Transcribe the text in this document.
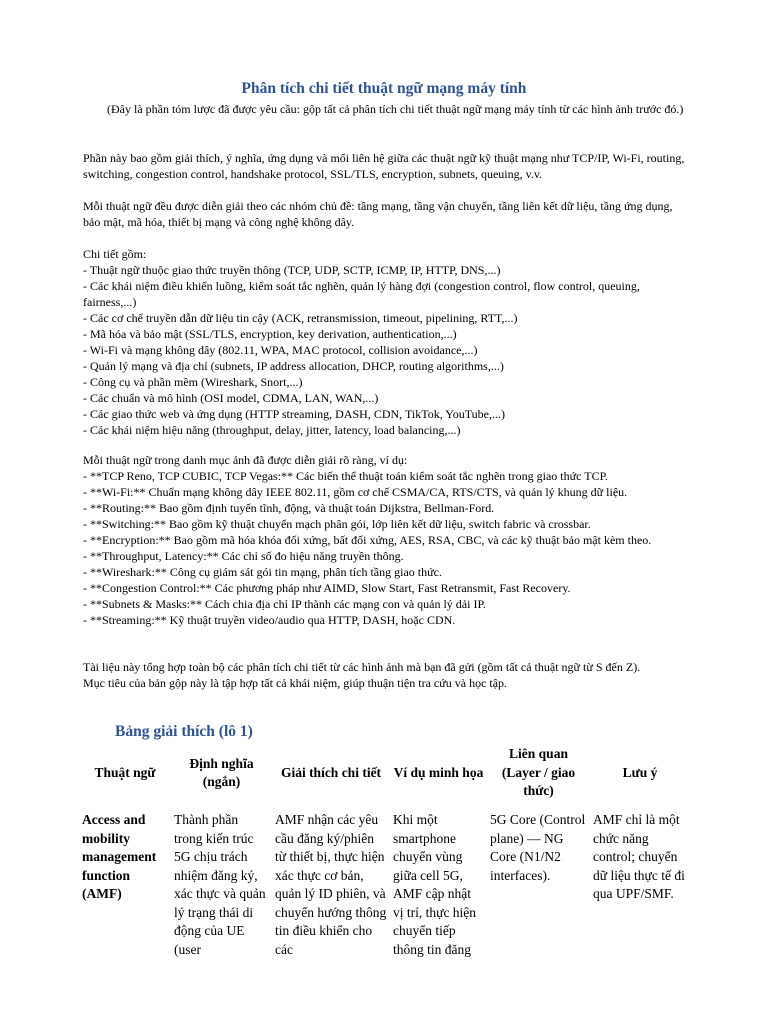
Phân tích chi tiết thuật ngữ mạng máy tính

(Đây là phần tóm lược đã được yêu cầu: gộp tất cả phân tích chi tiết thuật ngữ mạng máy tính từ các hình ảnh trước đó.)

Phần này bao gồm giải thích, ý nghĩa, ứng dụng và mối liên hệ giữa các thuật ngữ kỹ thuật mạng như TCP/IP, Wi-Fi, routing, switching, congestion control, handshake protocol, SSL/TLS, encryption, subnets, queuing, v.v.

Mỗi thuật ngữ đều được diễn giải theo các nhóm chủ đề: tầng mạng, tầng vận chuyển, tầng liên kết dữ liệu, tầng ứng dụng, bảo mật, mã hóa, thiết bị mạng và công nghệ không dây.

Chi tiết gồm:

- Thuật ngữ thuộc giao thức truyền thông (TCP, UDP, SCTP, ICMP, IP, HTTP, DNS,...)

- Các khái niệm điều khiển luồng, kiểm soát tắc nghẽn, quản lý hàng đợi (congestion control, flow control, queuing, fairness,...)

- Các cơ chế truyền dẫn dữ liệu tin cậy (ACK, retransmission, timeout, pipelining, RTT,...)

- Mã hóa và bảo mật (SSL/TLS, encryption, key derivation, authentication,...)

- Wi-Fi và mạng không dây (802.11, WPA, MAC protocol, collision avoidance,...)

- Quản lý mạng và địa chỉ (subnets, IP address allocation, DHCP, routing algorithms,...)

- Công cụ và phần mềm (Wireshark, Snort,...)

- Các chuẩn và mô hình (OSI model, CDMA, LAN, WAN,...)

- Các giao thức web và ứng dụng (HTTP streaming, DASH, CDN, TikTok, YouTube,...)

- Các khái niệm hiệu năng (throughput, delay, jitter, latency, load balancing,...)

Mỗi thuật ngữ trong danh mục ảnh đã được diễn giải rõ ràng, ví dụ:

- **TCP Reno, TCP CUBIC, TCP Vegas:** Các biến thể thuật toán kiểm soát tắc nghẽn trong giao thức TCP.

- **Wi-Fi:** Chuẩn mạng không dây IEEE 802.11, gồm cơ chế CSMA/CA, RTS/CTS, và quản lý khung dữ liệu.

- **Routing:** Bao gồm định tuyến tĩnh, động, và thuật toán Dijkstra, Bellman-Ford.

- **Switching:** Bao gồm kỹ thuật chuyển mạch phân gói, lớp liên kết dữ liệu, switch fabric và crossbar.

- **Encryption:** Bao gồm mã hóa khóa đối xứng, bất đối xứng, AES, RSA, CBC, và các kỹ thuật bảo mật kèm theo.

- **Throughput, Latency:** Các chỉ số đo hiệu năng truyền thông.

- **Wireshark:** Công cụ giám sát gói tin mạng, phân tích tầng giao thức.

- **Congestion Control:** Các phương pháp như AIMD, Slow Start, Fast Retransmit, Fast Recovery.

- **Subnets & Masks:** Cách chia địa chỉ IP thành các mạng con và quản lý dải IP.

- **Streaming:** Kỹ thuật truyền video/audio qua HTTP, DASH, hoặc CDN.

Tài liệu này tổng hợp toàn bộ các phân tích chi tiết từ các hình ảnh mà bạn đã gửi (gồm tất cả thuật ngữ từ S đến Z).

Mục tiêu của bản gộp này là tập hợp tất cả khái niệm, giúp thuận tiện tra cứu và học tập.

Bảng giải thích (lô 1)
Thuật ngữ	Định nghĩa (ngắn)	Giải thích chi tiết	Ví dụ minh họa	Liên quan (Layer / giao thức)	Lưu ý
Access and mobility management function (AMF)	Thành phần trong kiến trúc 5G chịu trách nhiệm đăng ký, xác thực và quản lý trạng thái di động của UE (user	AMF nhận các yêu cầu đăng ký/phiên từ thiết bị, thực hiện xác thực cơ bản, quản lý ID phiên, và chuyển hướng thông tin điều khiển cho các	Khi một smartphone chuyển vùng giữa cell 5G, AMF cập nhật vị trí, thực hiện chuyển tiếp thông tin đăng	5G Core (Control plane) — NG Core (N1/N2 interfaces).	AMF chỉ là một chức năng control; chuyển dữ liệu thực tế đi qua UPF/SMF.
